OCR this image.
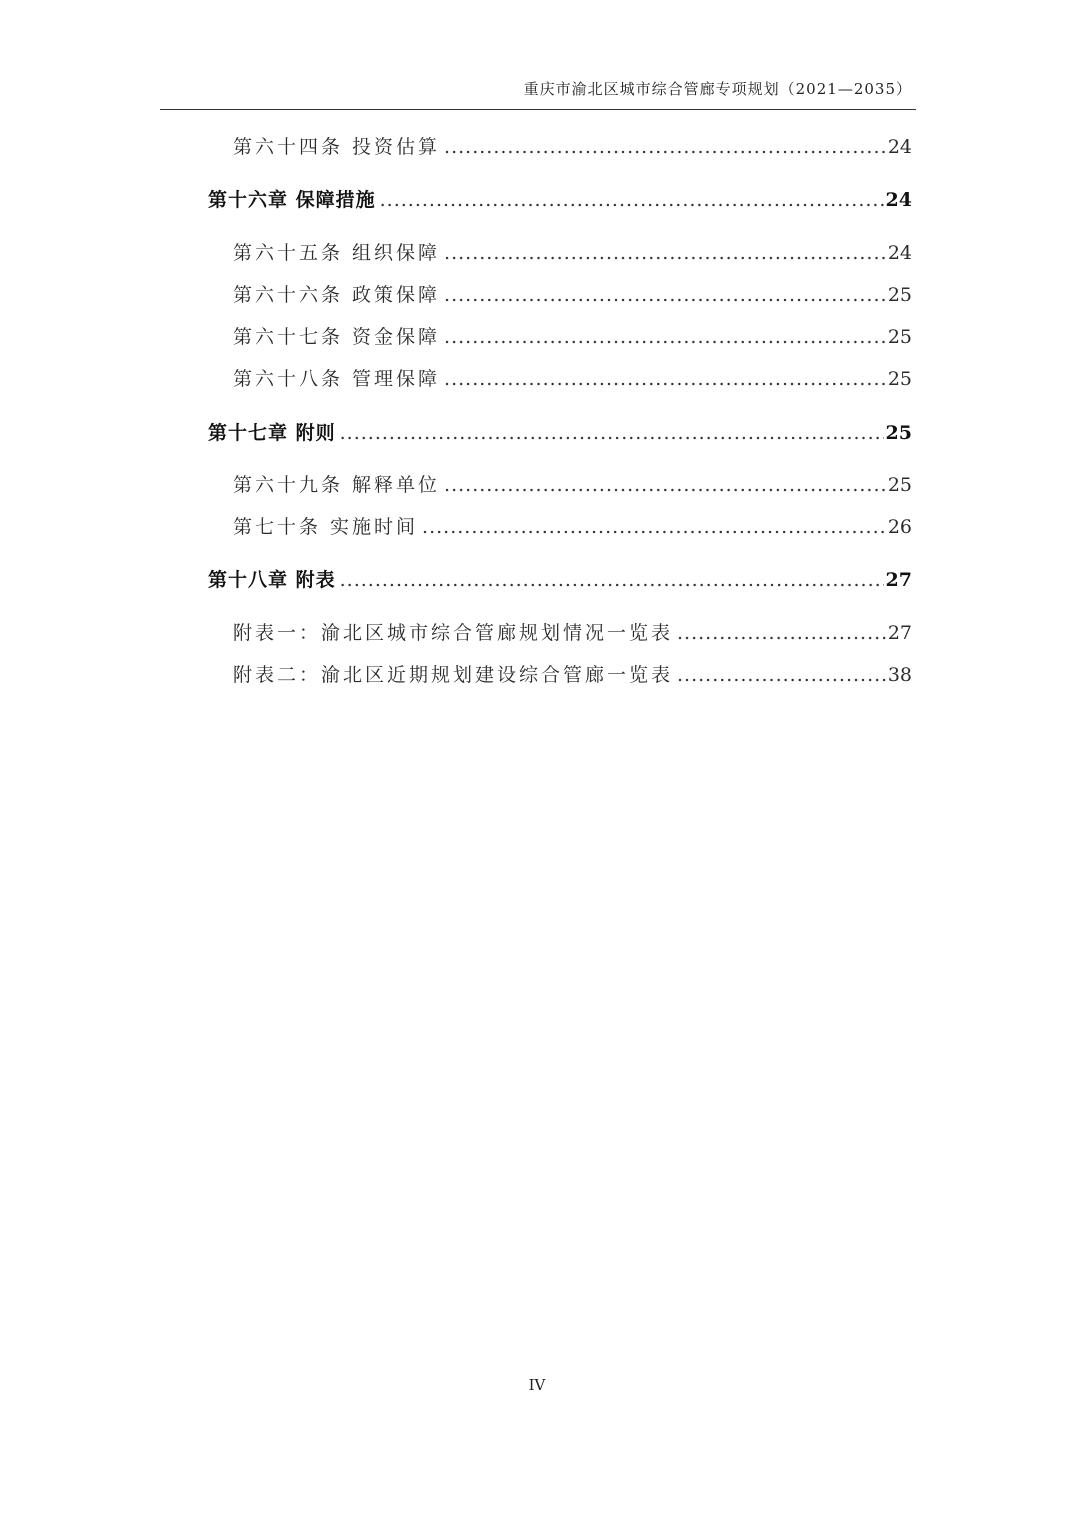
重庆市渝北区城市综合管廊专项规划（2021—2035）
第六十四条 投资估算 .....	24
第十六章 保障措施 .....	24
第六十五条 组织保障 .....	24
第六十六条 政策保障 .....	25
第六十七条 资金保障 .....	25
第六十八条 管理保障 .....	25
第十七章 附则 .....	25
第六十九条 解释单位 .....	25
第七十条 实施时间 .....	26
第十八章 附表 .....	27
附表一：渝北区城市综合管廊规划情况一览表 .....	27
附表二：渝北区近期规划建设综合管廊一览表 .....	38
IV
